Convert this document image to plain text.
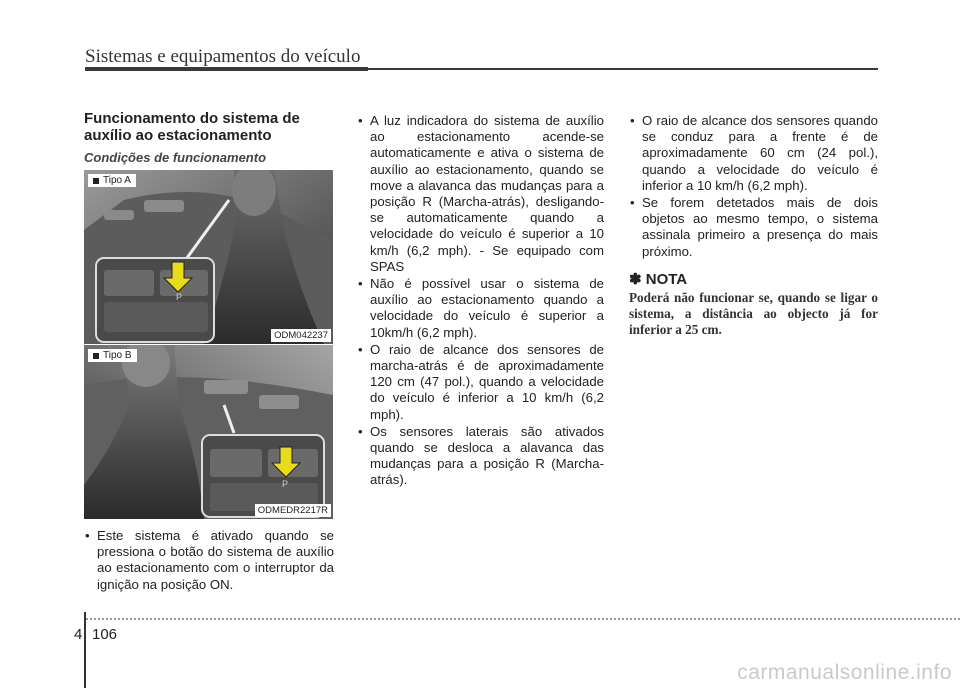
Sistemas e equipamentos do veículo
Funcionamento do sistema de auxílio ao estacionamento
Condições de funcionamento
P
Tipo A
ODM042237
P
Tipo B
ODMEDR2217R
• Este sistema é ativado quando se pressiona o botão do sistema de auxílio ao estacionamento com o interruptor da ignição na posição ON.
• A luz indicadora do sistema de auxílio ao estacionamento acende-se automaticamente e ativa o sistema de auxílio ao estacionamento, quando se move a alavanca das mudanças para a posição R (Marcha-atrás), desligando-se automaticamente quando a velocidade do veículo é superior a 10 km/h (6,2 mph). - Se equipado com SPAS
• Não é possível usar o sistema de auxílio ao estacionamento quando a velocidade do veículo é superior a 10km/h (6,2 mph).
• O raio de alcance dos sensores de marcha-atrás é de aproximadamente 120 cm (47 pol.), quando a velocidade do veículo é inferior a 10 km/h (6,2 mph).
• Os sensores laterais são ativados quando se desloca a alavanca das mudanças para a posição R (Marcha-atrás).
• O raio de alcance dos sensores quando se conduz para a frente é de aproximadamente 60 cm (24 pol.), quando a velocidade do veículo é inferior a 10 km/h (6,2 mph).
• Se forem detetados mais de dois objetos ao mesmo tempo, o sistema assinala primeiro a presença do mais próximo.
✽ NOTA
Poderá não funcionar se, quando se ligar o sistema, a distância ao objecto já for inferior a 25 cm.
4 106
carmanualsonline.info
